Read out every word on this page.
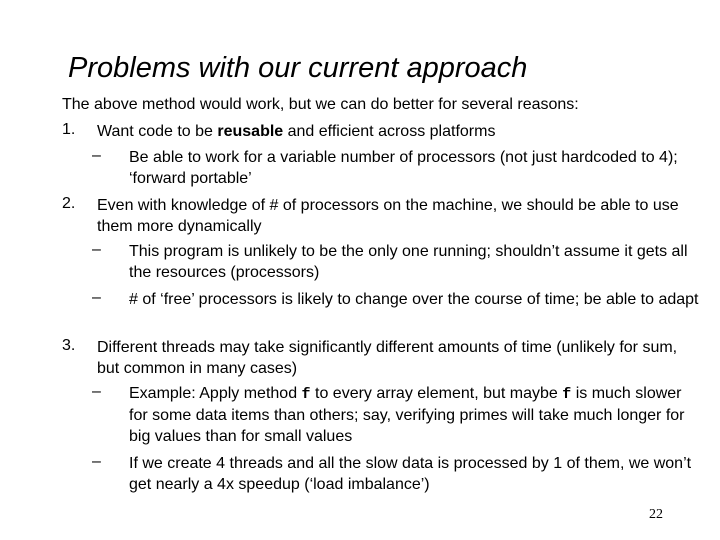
Problems with our current approach
The above method would work, but we can do better for several reasons:
1. Want code to be reusable and efficient across platforms
– Be able to work for a variable number of processors (not just hardcoded to 4); ‘forward portable’
2. Even with knowledge of # of processors on the machine, we should be able to use them more dynamically
– This program is unlikely to be the only one running; shouldn’t assume it gets all the resources (processors)
– # of ‘free’ processors is likely to change over the course of time; be able to adapt
3. Different threads may take significantly different amounts of time (unlikely for sum, but common in many cases)
– Example: Apply method f to every array element, but maybe f is much slower for some data items than others; say, verifying primes will take much longer for big values than for small values
– If we create 4 threads and all the slow data is processed by 1 of them, we won’t get nearly a 4x speedup (‘load imbalance’)
22
